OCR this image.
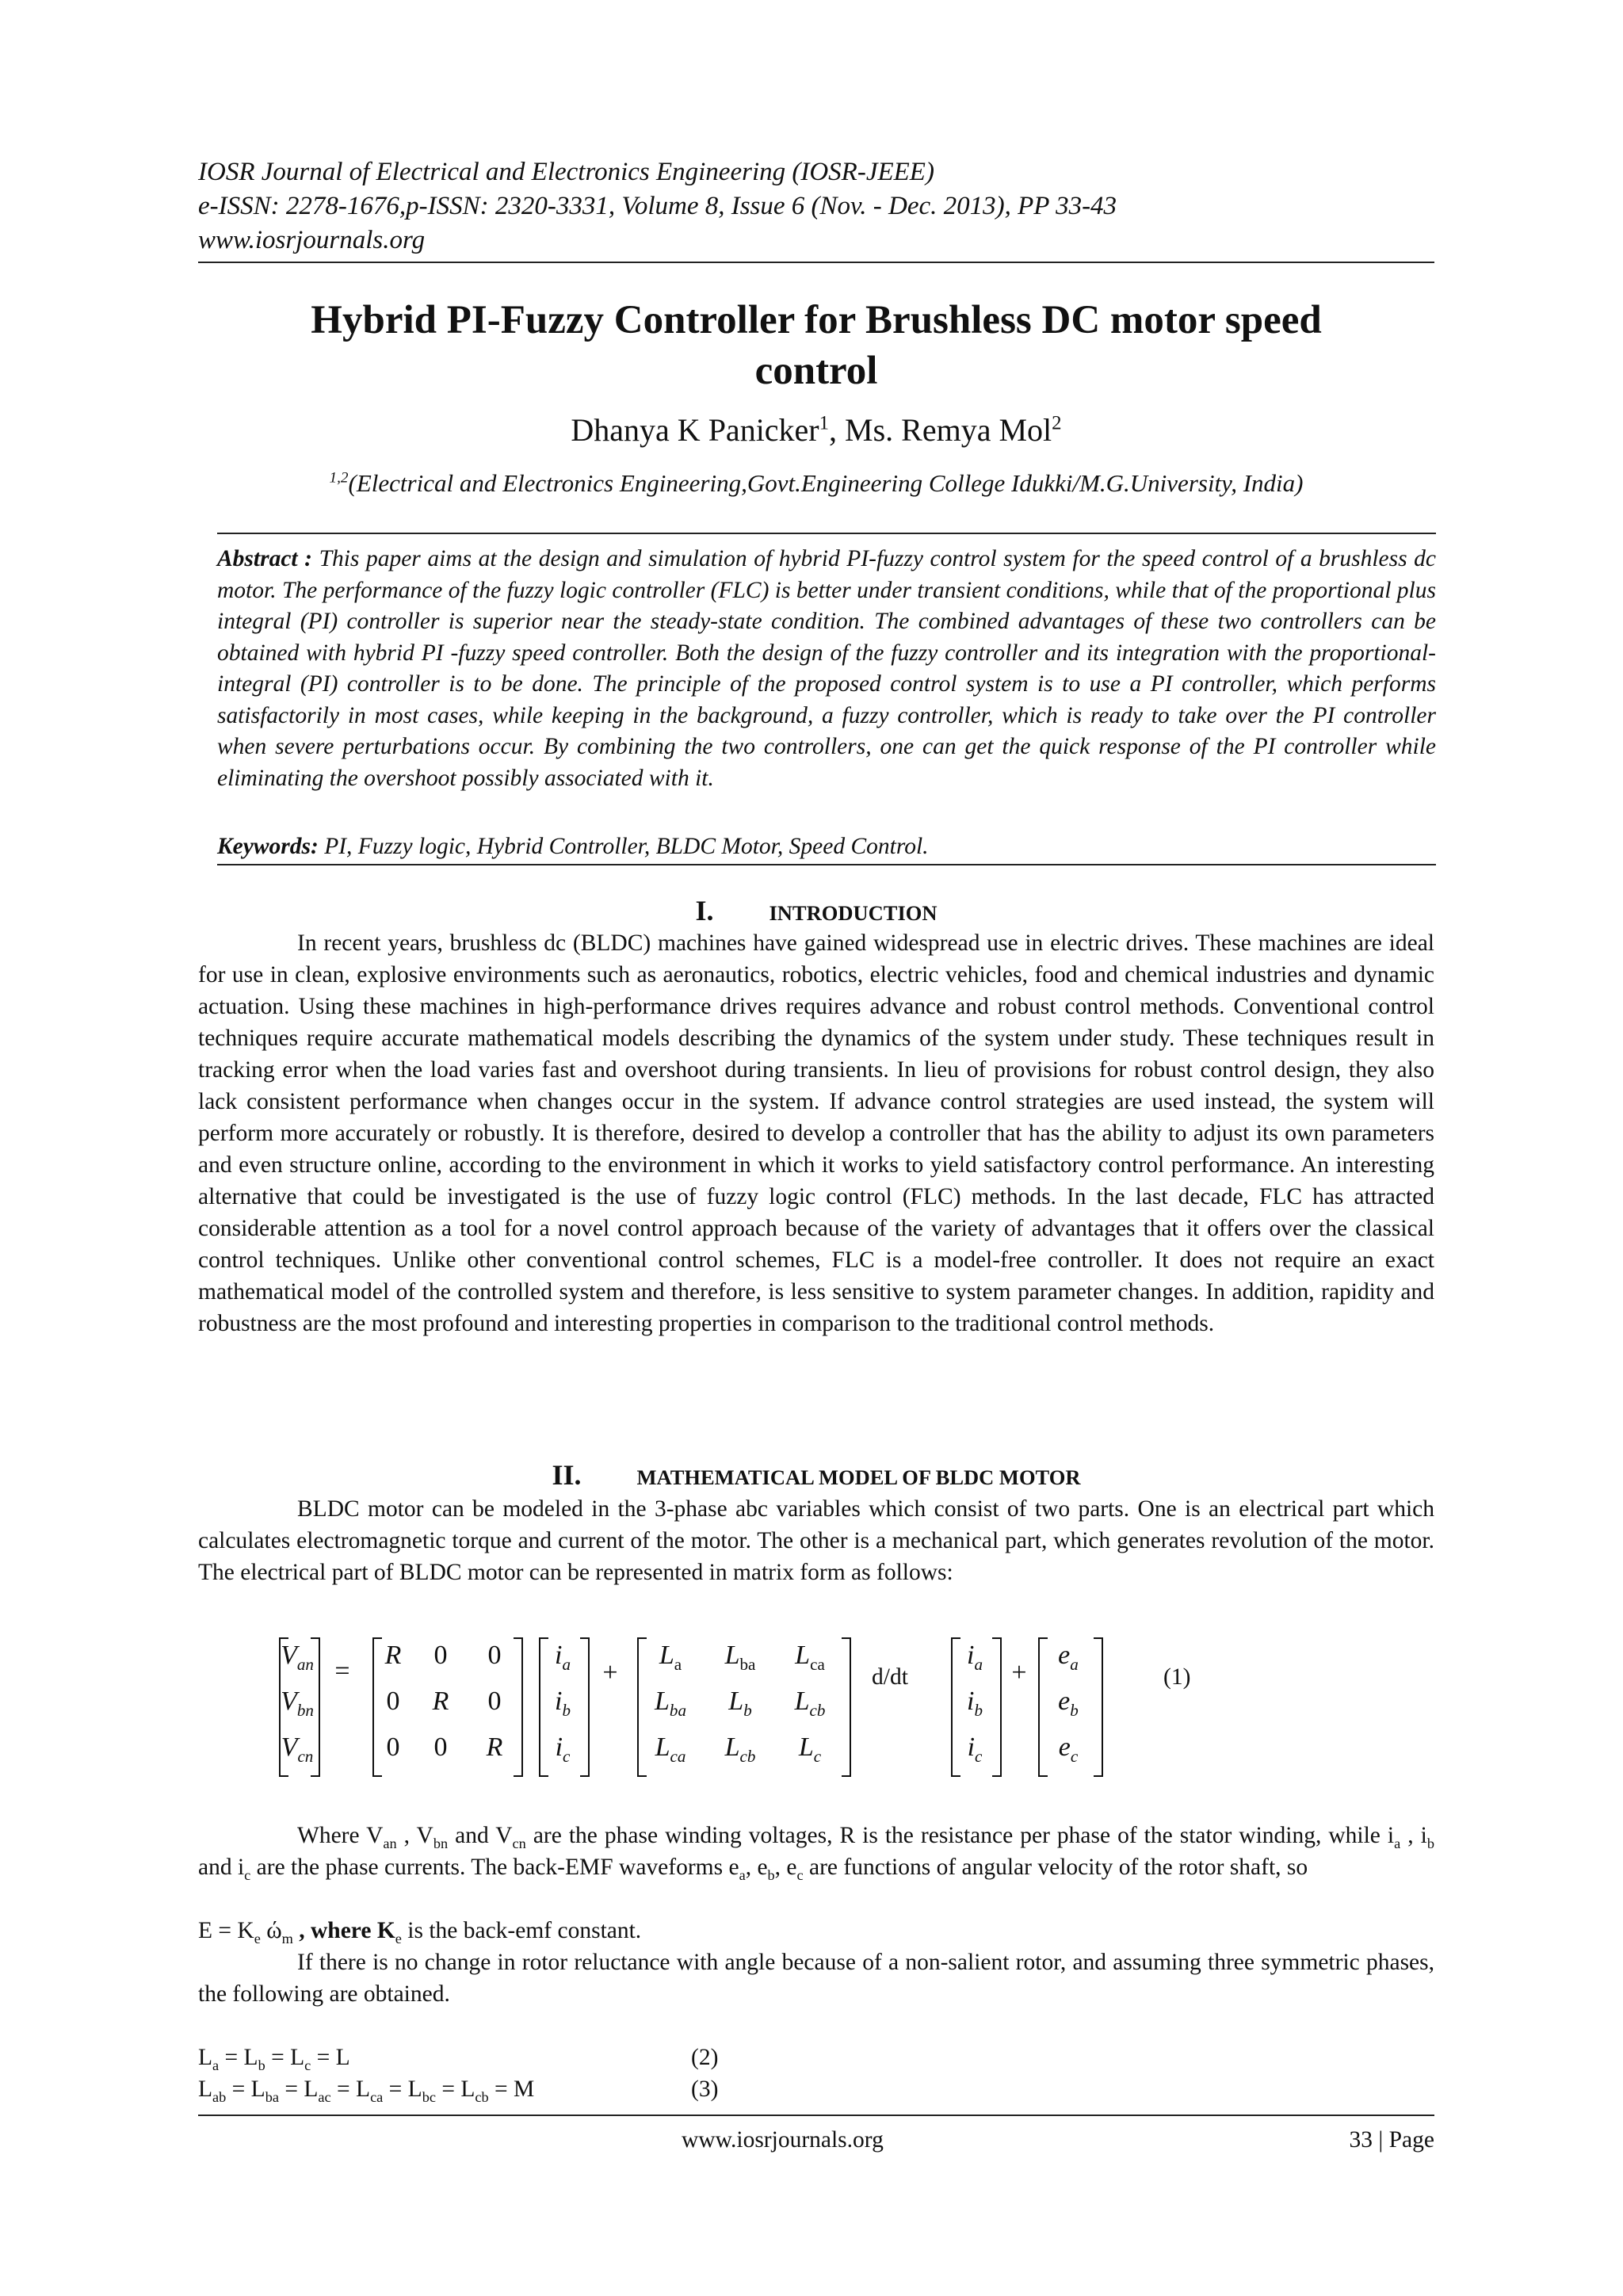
IOSR Journal of Electrical and Electronics Engineering (IOSR-JEEE)
e-ISSN: 2278-1676,p-ISSN: 2320-3331, Volume 8, Issue 6 (Nov. - Dec. 2013), PP 33-43
www.iosrjournals.org
Hybrid PI-Fuzzy Controller for Brushless DC motor speed
control
Dhanya K Panicker$^1$, Ms. Remya Mol$^2$
$^{1,2}$(Electrical and Electronics Engineering,Govt.Engineering College Idukki/M.G.University, India)
Abstract : This paper aims at the design and simulation of hybrid PI-fuzzy control system for the speed control of a brushless dc motor. The performance of the fuzzy logic controller (FLC) is better under transient conditions, while that of the proportional plus integral (PI) controller is superior near the steady-state condition. The combined advantages of these two controllers can be obtained with hybrid PI -fuzzy speed controller. Both the design of the fuzzy controller and its integration with the proportional-integral (PI) controller is to be done. The principle of the proposed control system is to use a PI controller, which performs satisfactorily in most cases, while keeping in the background, a fuzzy controller, which is ready to take over the PI controller when severe perturbations occur. By combining the two controllers, one can get the quick response of the PI controller while eliminating the overshoot possibly associated with it.
Keywords: PI, Fuzzy logic, Hybrid Controller, BLDC Motor, Speed Control.
I.	INTRODUCTION

In recent years, brushless dc (BLDC) machines have gained widespread use in electric drives. These machines are ideal for use in clean, explosive environments such as aeronautics, robotics, electric vehicles, food and chemical industries and dynamic actuation. Using these machines in high-performance drives requires advance and robust control methods. Conventional control techniques require accurate mathematical models describing the dynamics of the system under study. These techniques result in tracking error when the load varies fast and overshoot during transients. In lieu of provisions for robust control design, they also lack consistent performance when changes occur in the system. If advance control strategies are used instead, the system will perform more accurately or robustly. It is therefore, desired to develop a controller that has the ability to adjust its own parameters and even structure online, according to the environment in which it works to yield satisfactory control performance. An interesting alternative that could be investigated is the use of fuzzy logic control (FLC) methods. In the last decade, FLC has attracted considerable attention as a tool for a novel control approach because of the variety of advantages that it offers over the classical control techniques. Unlike other conventional control schemes, FLC is a model-free controller. It does not require an exact mathematical model of the controlled system and therefore, is less sensitive to system parameter changes. In addition, rapidity and robustness are the most profound and interesting properties in comparison to the traditional control methods.

II.	MATHEMATICAL MODEL OF BLDC MOTOR

BLDC motor can be modeled in the 3-phase abc variables which consist of two parts. One is an electrical part which calculates electromagnetic torque and current of the motor. The other is a mechanical part, which generates revolution of the motor. The electrical part of BLDC motor can be represented in matrix form as follows:

$V_{an}$
$V_{bn}$
$V_{cn}$
=
R	0	0
0	R	0
0	0	R
$i_a$
$i_b$
$i_c$
+
$L_a$	$L_{ba}$	$L_{ca}$
$L_{ba}$	$L_b$	$L_{cb}$
$L_{ca}$	$L_{cb}$	$L_c$
d/dt
$i_a$
$i_b$
$i_c$
+
$e_a$
$e_b$
$e_c$
(1)

Where $V_{an}$ , $V_{bn}$ and $V_{cn}$ are the phase winding voltages, R is the resistance per phase of the stator winding, while $i_a$ , $i_b$ and $i_c$ are the phase currents. The back-EMF waveforms $e_a$, $e_b$, $e_c$ are functions of angular velocity of the rotor shaft, so

$E = K_e$ $ώ_m$ , where $K_e$ is the back-emf constant.

If there is no change in rotor reluctance with angle because of a non-salient rotor, and assuming three symmetric phases, the following are obtained.

$L_a = L_b = L_c = L$	(2)
$L_{ab} = L_{ba} = L_{ac} = L_{ca} = L_{bc} = L_{cb} = M$	(3)
www.iosrjournals.org	33 | Page
